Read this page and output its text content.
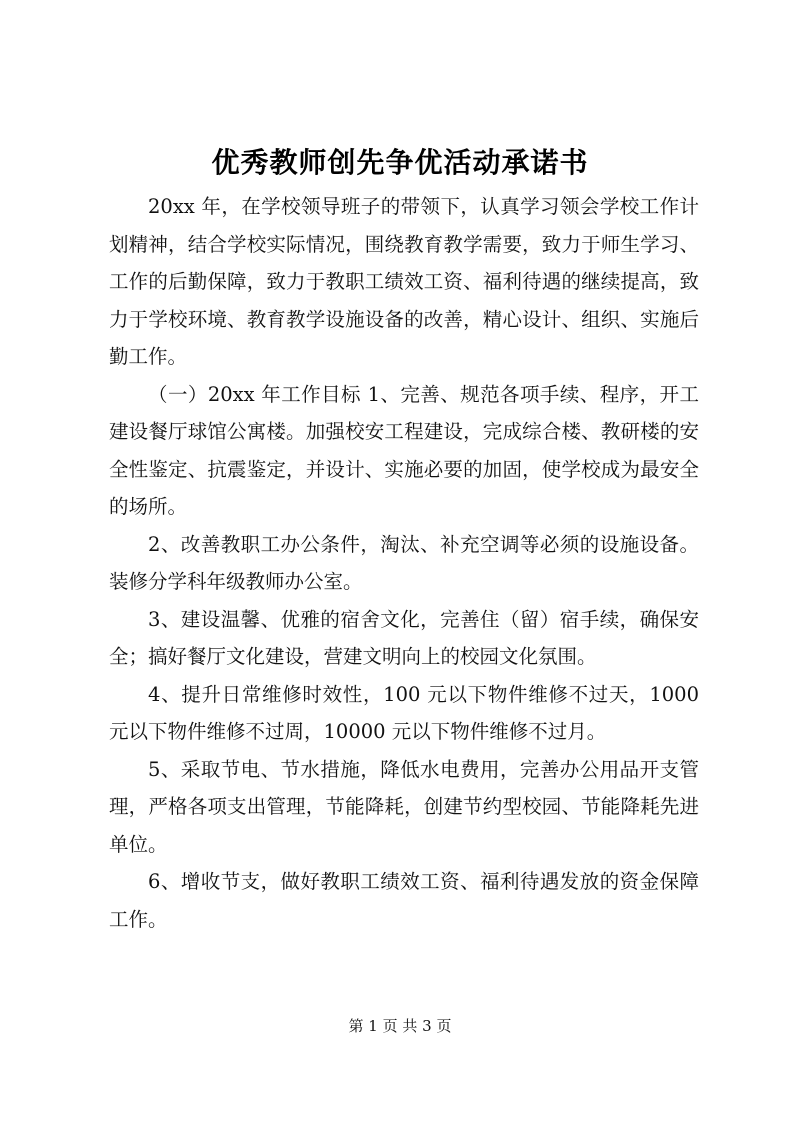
优秀教师创先争优活动承诺书

20xx 年，在学校领导班子的带领下，认真学习领会学校工作计划精神，结合学校实际情况，围绕教育教学需要，致力于师生学习、工作的后勤保障，致力于教职工绩效工资、福利待遇的继续提高，致力于学校环境、教育教学设施设备的改善，精心设计、组织、实施后勤工作。

（一）20xx 年工作目标 1、完善、规范各项手续、程序，开工建设餐厅球馆公寓楼。加强校安工程建设，完成综合楼、教研楼的安全性鉴定、抗震鉴定，并设计、实施必要的加固，使学校成为最安全的场所。

2、改善教职工办公条件，淘汰、补充空调等必须的设施设备。装修分学科年级教师办公室。

3、建设温馨、优雅的宿舍文化，完善住（留）宿手续，确保安全；搞好餐厅文化建设，营建文明向上的校园文化氛围。

4、提升日常维修时效性，100 元以下物件维修不过天，1000 元以下物件维修不过周，10000 元以下物件维修不过月。

5、采取节电、节水措施，降低水电费用，完善办公用品开支管理，严格各项支出管理，节能降耗，创建节约型校园、节能降耗先进单位。

6、增收节支，做好教职工绩效工资、福利待遇发放的资金保障工作。

第 1 页 共 3 页
